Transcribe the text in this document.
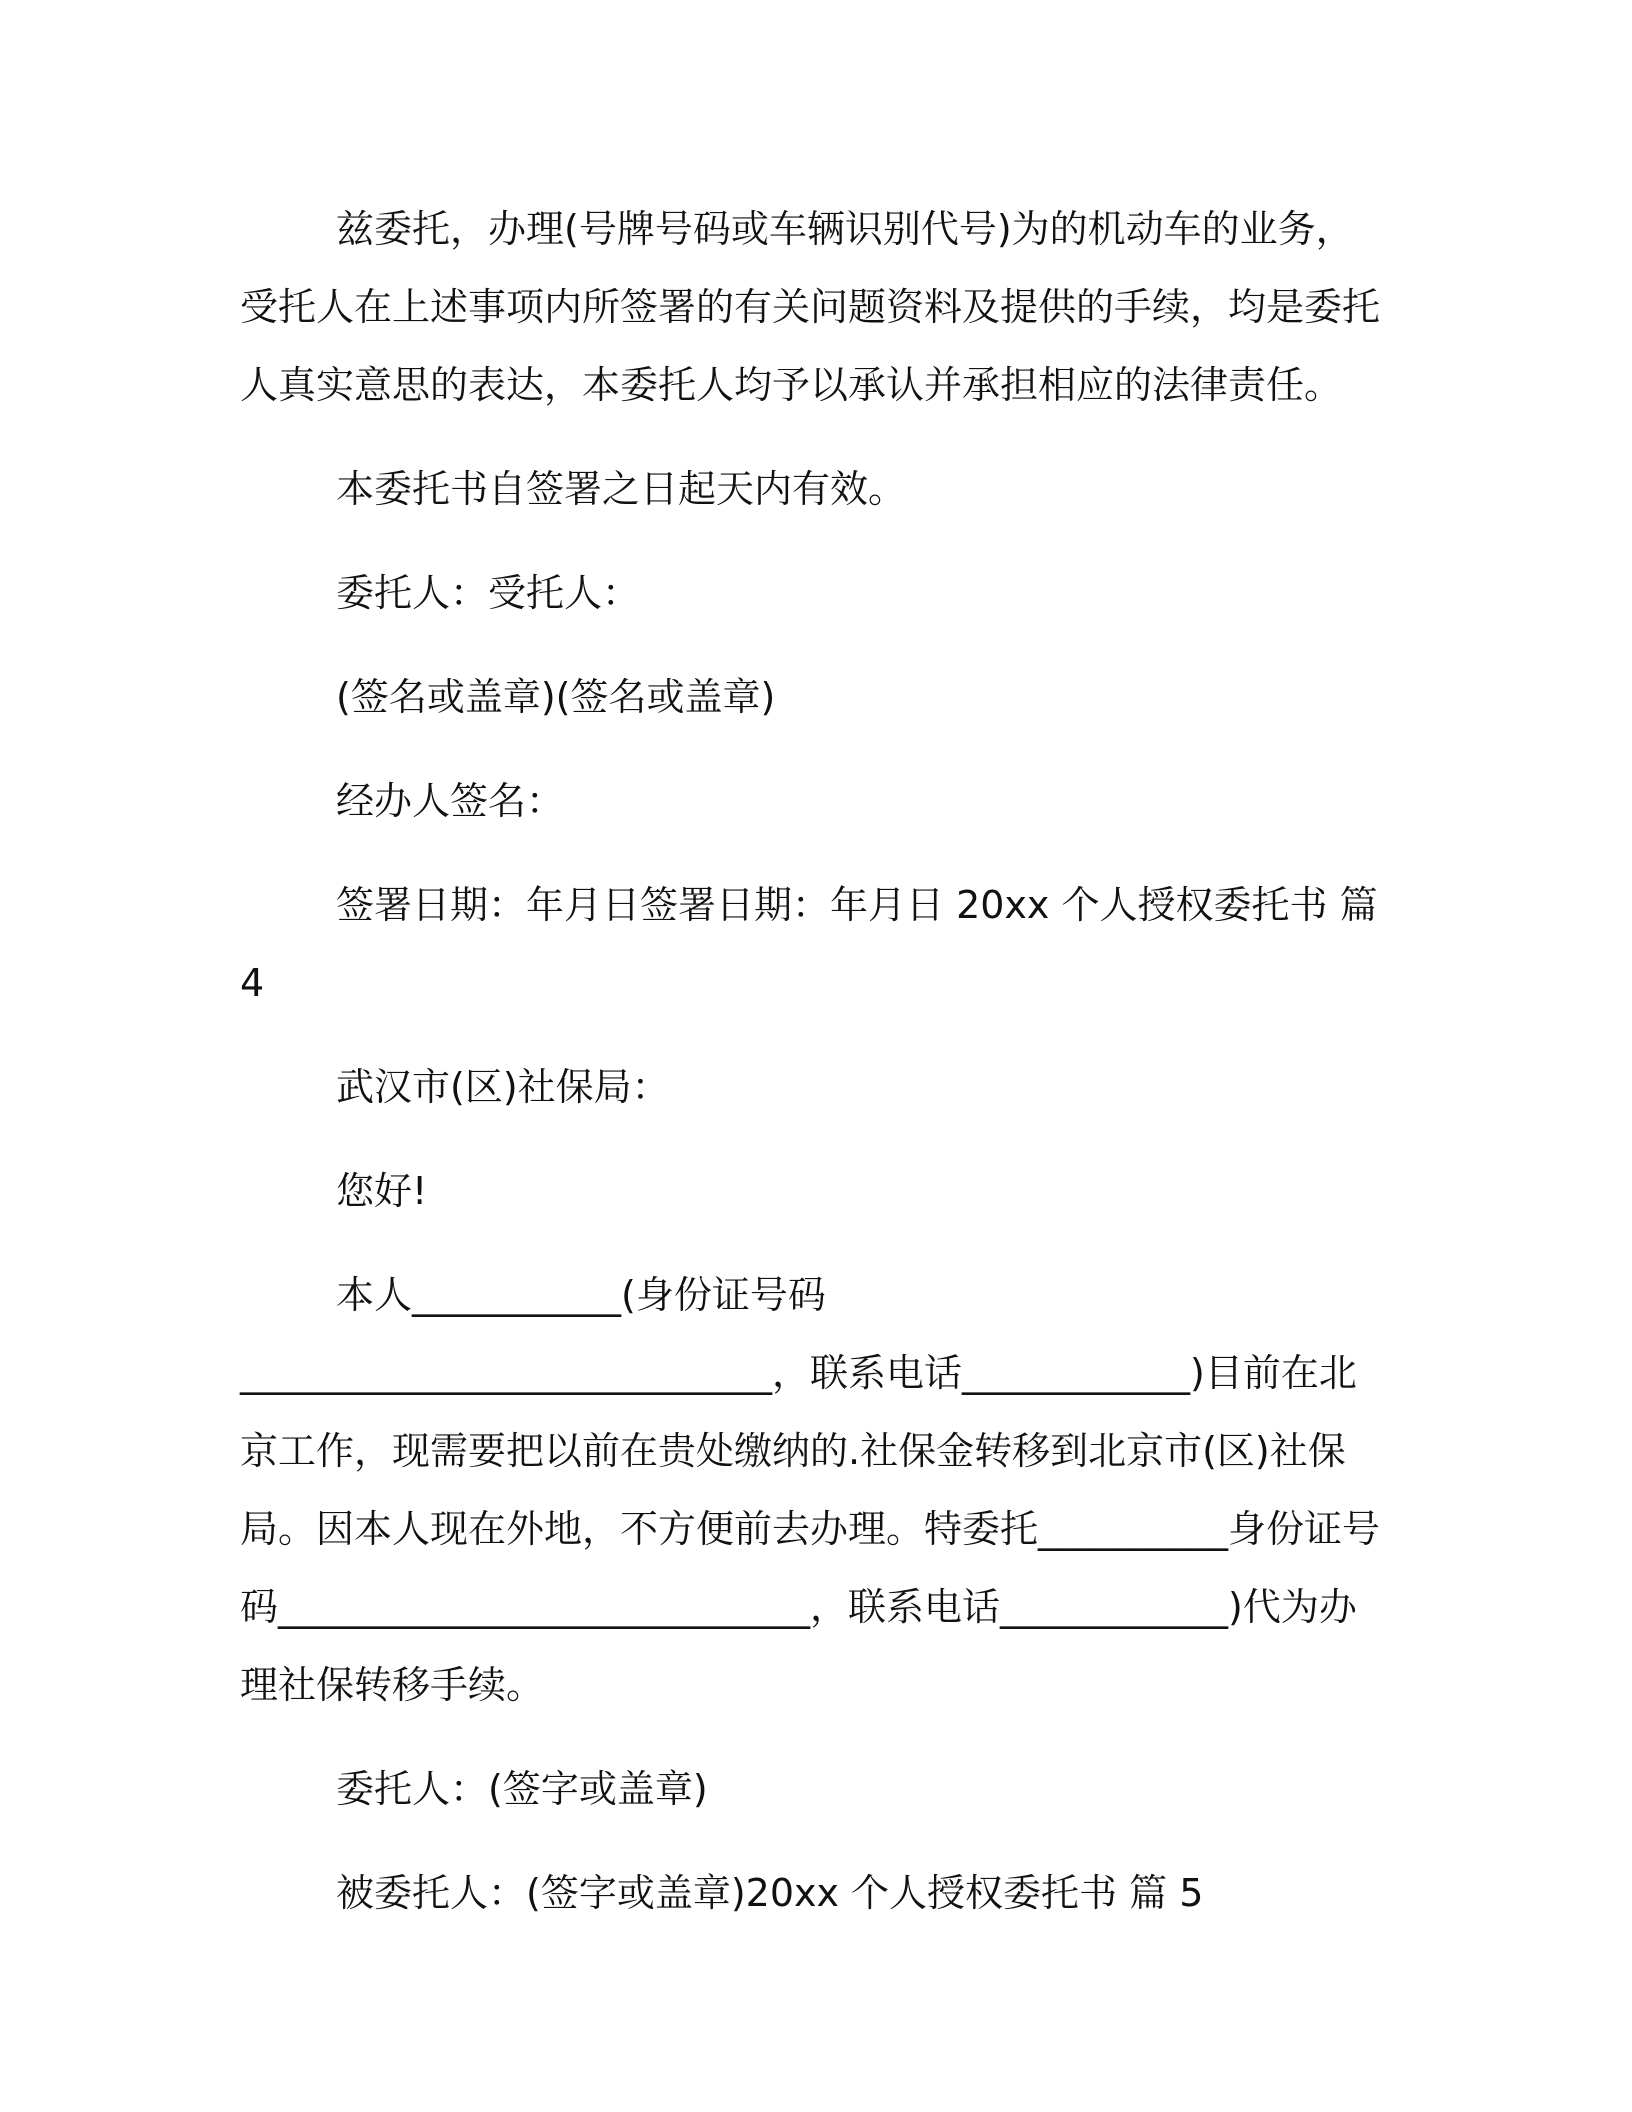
兹委托，办理(号牌号码或车辆识别代号)为的机动车的业务，受托人在上述事项内所签署的有关问题资料及提供的手续，均是委托人真实意思的表达，本委托人均予以承认并承担相应的法律责任。

本委托书自签署之日起天内有效。

委托人：受托人：

(签名或盖章)(签名或盖章)

经办人签名：

签署日期：年月日签署日期：年月日 20xx 个人授权委托书 篇 4

武汉市(区)社保局：

您好!

本人___________(身份证号码____________________________，联系电话____________)目前在北京工作，现需要把以前在贵处缴纳的.社保金转移到北京市(区)社保局。因本人现在外地，不方便前去办理。特委托__________身份证号码____________________________，联系电话____________)代为办理社保转移手续。

委托人：(签字或盖章)

被委托人：(签字或盖章)20xx 个人授权委托书 篇 5
